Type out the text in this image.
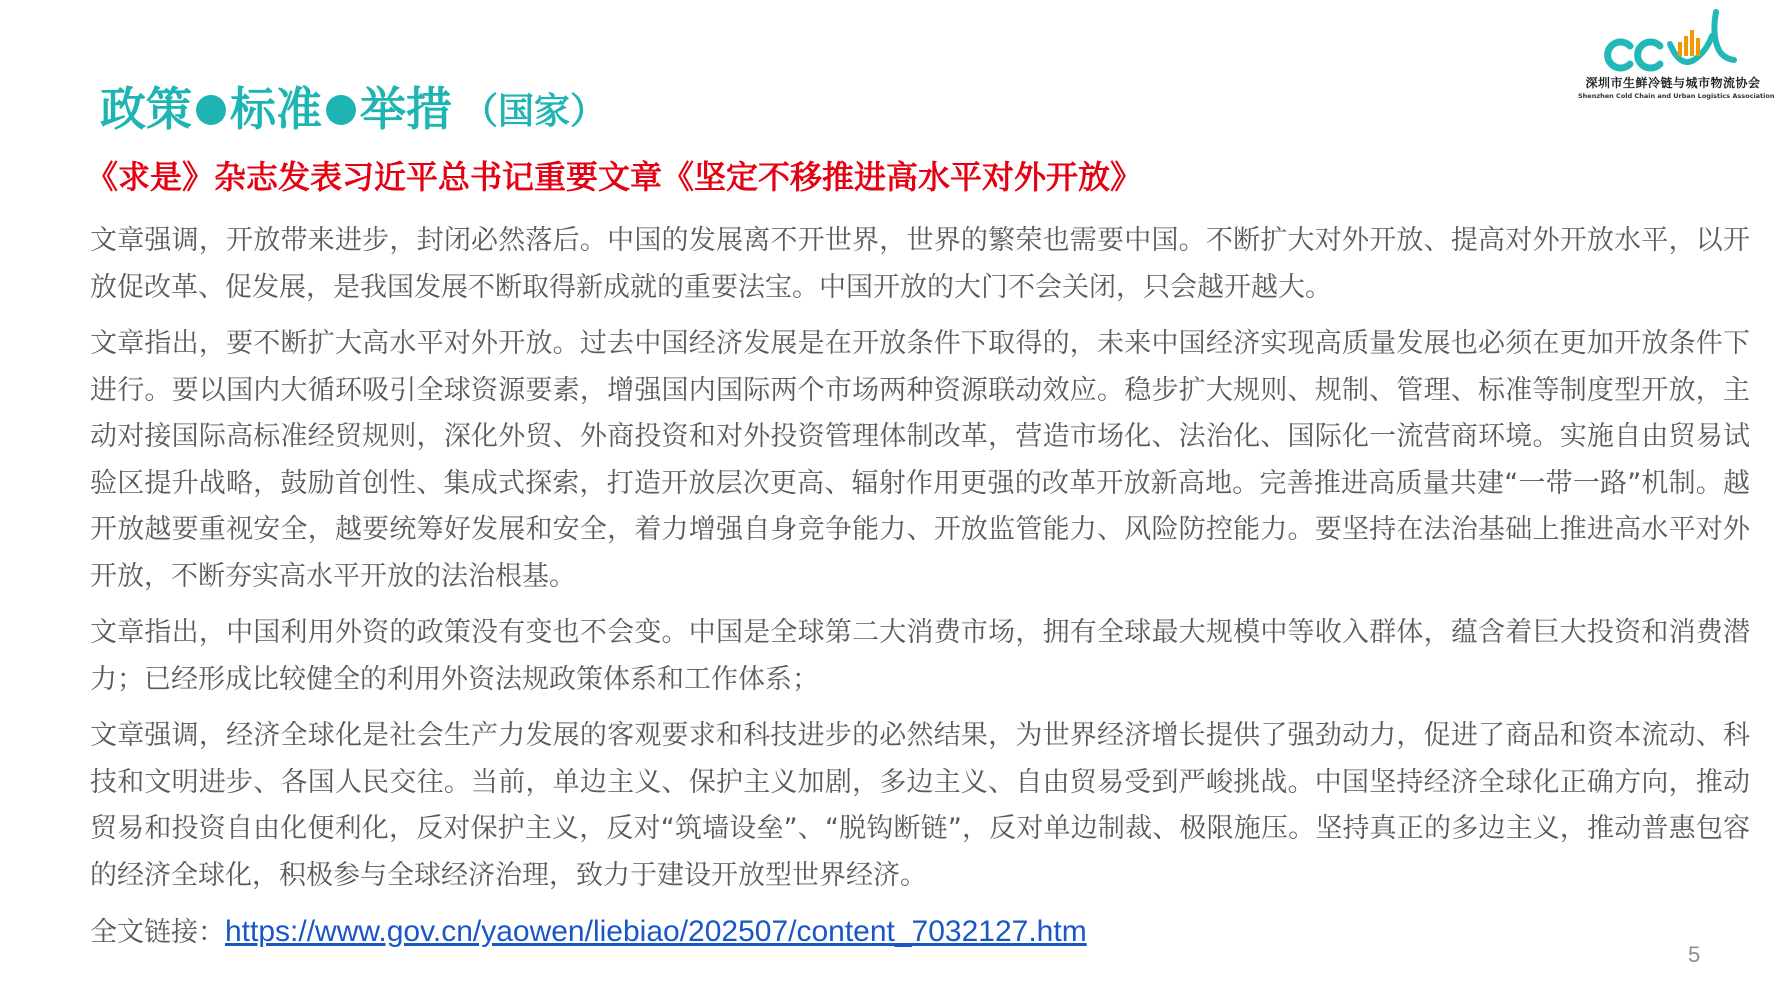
政策 标准 举措 （国家）
深圳市生鲜冷链与城市物流协会
Shenzhen Cold Chain and Urban Logistics Association
《求是》杂志发表习近平总书记重要文章《坚定不移推进高水平对外开放》

文章强调，开放带来进步，封闭必然落后。中国的发展离不开世界，世界的繁荣也需要中国。不断扩大对外开放、提高对外开放水平，以开放促改革、促发展，是我国发展不断取得新成就的重要法宝。中国开放的大门不会关闭，只会越开越大。

文章指出，要不断扩大高水平对外开放。过去中国经济发展是在开放条件下取得的，未来中国经济实现高质量发展也必须在更加开放条件下进行。要以国内大循环吸引全球资源要素，增强国内国际两个市场两种资源联动效应。稳步扩大规则、规制、管理、标准等制度型开放，主动对接国际高标准经贸规则，深化外贸、外商投资和对外投资管理体制改革，营造市场化、法治化、国际化一流营商环境。实施自由贸易试验区提升战略，鼓励首创性、集成式探索，打造开放层次更高、辐射作用更强的改革开放新高地。完善推进高质量共建“一带一路”机制。越开放越要重视安全，越要统筹好发展和安全，着力增强自身竞争能力、开放监管能力、风险防控能力。要坚持在法治基础上推进高水平对外开放，不断夯实高水平开放的法治根基。

文章指出，中国利用外资的政策没有变也不会变。中国是全球第二大消费市场，拥有全球最大规模中等收入群体，蕴含着巨大投资和消费潜力；已经形成比较健全的利用外资法规政策体系和工作体系；

文章强调，经济全球化是社会生产力发展的客观要求和科技进步的必然结果，为世界经济增长提供了强劲动力，促进了商品和资本流动、科技和文明进步、各国人民交往。当前，单边主义、保护主义加剧，多边主义、自由贸易受到严峻挑战。中国坚持经济全球化正确方向，推动贸易和投资自由化便利化，反对保护主义，反对“筑墙设垒”、“脱钩断链”，反对单边制裁、极限施压。坚持真正的多边主义，推动普惠包容的经济全球化，积极参与全球经济治理，致力于建设开放型世界经济。

全文链接：https://www.gov.cn/yaowen/liebiao/202507/content_7032127.htm

5
